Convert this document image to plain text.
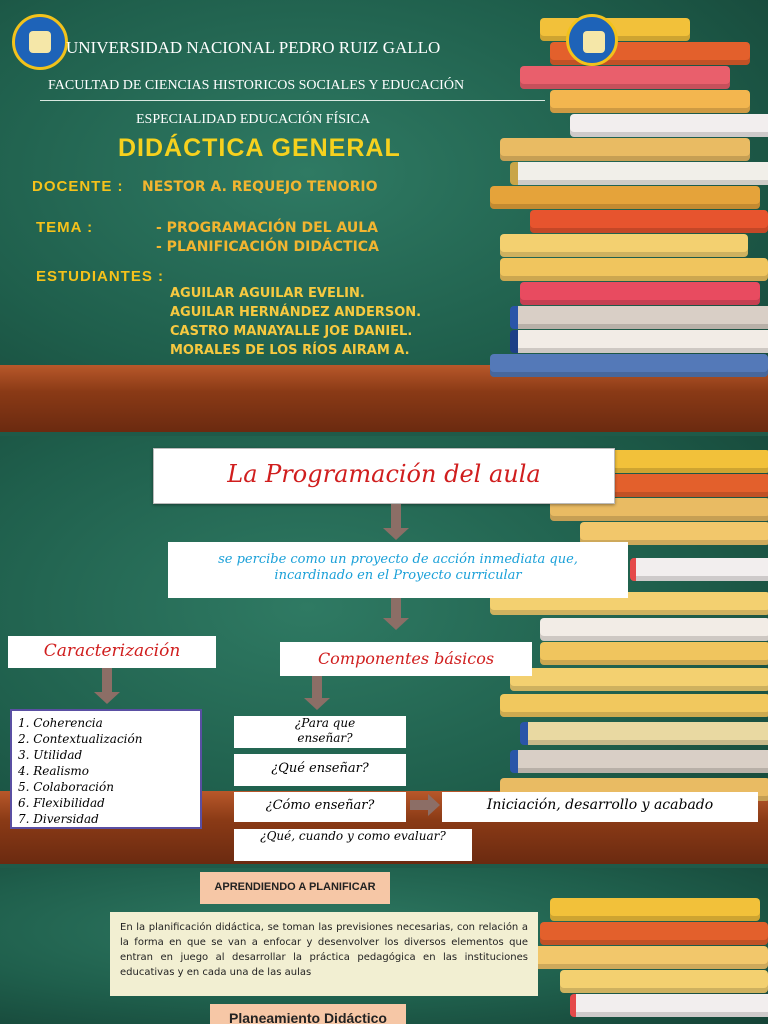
UNIVERSIDAD NACIONAL PEDRO RUIZ GALLO
FACULTAD DE CIENCIAS HISTORICOS SOCIALES Y EDUCACIÓN
ESPECIALIDAD EDUCACIÓN FÍSICA
DIDÁCTICA GENERAL
DOCENTE : NESTOR A. REQUEJO TENORIO
TEMA :	- PROGRAMACIÓN DEL AULA
- PLANIFICACIÓN DIDÁCTICA
ESTUDIANTES :
AGUILAR AGUILAR EVELIN.
AGUILAR HERNÁNDEZ ANDERSON.
CASTRO MANAYALLE JOE DANIEL.
MORALES DE LOS RÍOS AIRAM A.
La Programación del aula
se percibe como un proyecto de acción inmediata que, incardinado en el Proyecto curricular
Caracterización	Componentes básicos
1. Coherencia
2. Contextualización
3. Utilidad
4. Realismo
5. Colaboración
6. Flexibilidad
7. Diversidad
¿Para que enseñar?
¿Qué enseñar?
¿Cómo enseñar?
¿Qué, cuando y como evaluar?
Iniciación, desarrollo y acabado
APRENDIENDO A PLANIFICAR
En la planificación didáctica, se toman las previsiones necesarias, con relación a la forma en que se van a enfocar y desenvolver los diversos elementos que entran en juego al desarrollar la práctica pedagógica en las instituciones educativas y en cada una de las aulas
Planeamiento Didáctico
